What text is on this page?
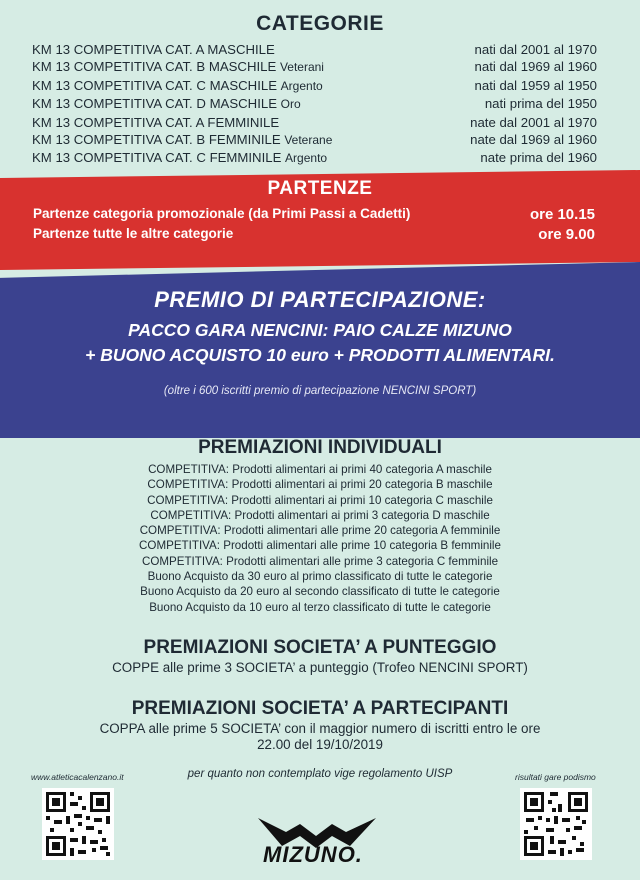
CATEGORIE
KM 13 COMPETITIVA CAT. A MASCHILE	nati dal 2001 al 1970
KM 13 COMPETITIVA CAT. B MASCHILE Veterani	nati dal 1969 al 1960
KM 13 COMPETITIVA CAT. C MASCHILE Argento	nati dal 1959 al 1950
KM 13 COMPETITIVA CAT. D MASCHILE Oro	nati prima del 1950
KM 13 COMPETITIVA CAT. A FEMMINILE	nate dal 2001 al 1970
KM 13 COMPETITIVA CAT. B FEMMINILE Veterane	nate dal 1969 al 1960
KM 13 COMPETITIVA CAT. C FEMMINILE Argento	nate prima del 1960
PARTENZE
Partenze categoria promozionale (da Primi Passi a Cadetti)	ore 10.15
Partenze tutte le altre categorie	ore 9.00
PREMIO DI PARTECIPAZIONE:
PACCO GARA NENCINI: PAIO CALZE MIZUNO
+ BUONO ACQUISTO 10 euro + PRODOTTI ALIMENTARI.
(oltre i 600 iscritti premio di partecipazione NENCINI SPORT)
PREMIAZIONI INDIVIDUALI
COMPETITIVA: Prodotti alimentari ai primi 40 categoria A maschile
COMPETITIVA: Prodotti alimentari ai primi 20 categoria B maschile
COMPETITIVA: Prodotti alimentari ai primi 10 categoria C maschile
COMPETITIVA: Prodotti alimentari ai primi 3 categoria D maschile
COMPETITIVA: Prodotti alimentari alle prime 20 categoria A femminile
COMPETITIVA: Prodotti alimentari alle prime 10 categoria B femminile
COMPETITIVA: Prodotti alimentari alle prime 3 categoria C femminile
Buono Acquisto da 30 euro al primo classificato di tutte le categorie
Buono Acquisto da 20 euro al secondo classificato di tutte le categorie
Buono Acquisto da 10 euro al terzo classificato di tutte le categorie
PREMIAZIONI SOCIETA’ A PUNTEGGIO
COPPE alle prime 3 SOCIETA’ a punteggio (Trofeo NENCINI SPORT)
PREMIAZIONI SOCIETA’ A PARTECIPANTI
COPPA alle prime 5 SOCIETA’ con il maggior numero di iscritti entro le ore
22.00 del 19/10/2019
www.atleticacalenzano.it	per quanto non contemplato vige regolamento UISP	risultati gare podismo
MIZUNO.
